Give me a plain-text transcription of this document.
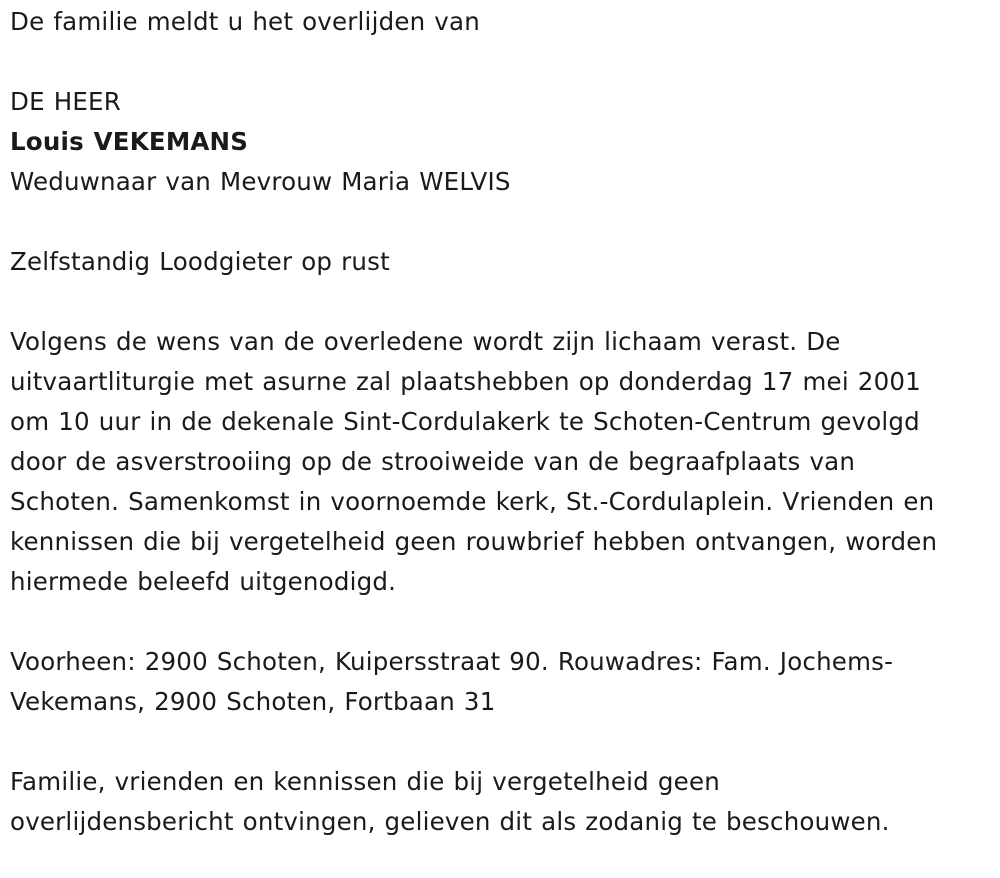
De familie meldt u het overlijden van
DE HEER
Louis VEKEMANS
Weduwnaar van Mevrouw Maria WELVIS
Zelfstandig Loodgieter op rust
Volgens de wens van de overledene wordt zijn lichaam verast. De
uitvaartliturgie met asurne zal plaatshebben op donderdag 17 mei 2001
om 10 uur in de dekenale Sint-Cordulakerk te Schoten-Centrum gevolgd
door de asverstrooiing op de strooiweide van de begraafplaats van
Schoten. Samenkomst in voornoemde kerk, St.-Cordulaplein. Vrienden en
kennissen die bij vergetelheid geen rouwbrief hebben ontvangen, worden
hiermede beleefd uitgenodigd.
Voorheen: 2900 Schoten, Kuipersstraat 90. Rouwadres: Fam. Jochems-
Vekemans, 2900 Schoten, Fortbaan 31
Familie, vrienden en kennissen die bij vergetelheid geen
overlijdensbericht ontvingen, gelieven dit als zodanig te beschouwen.
